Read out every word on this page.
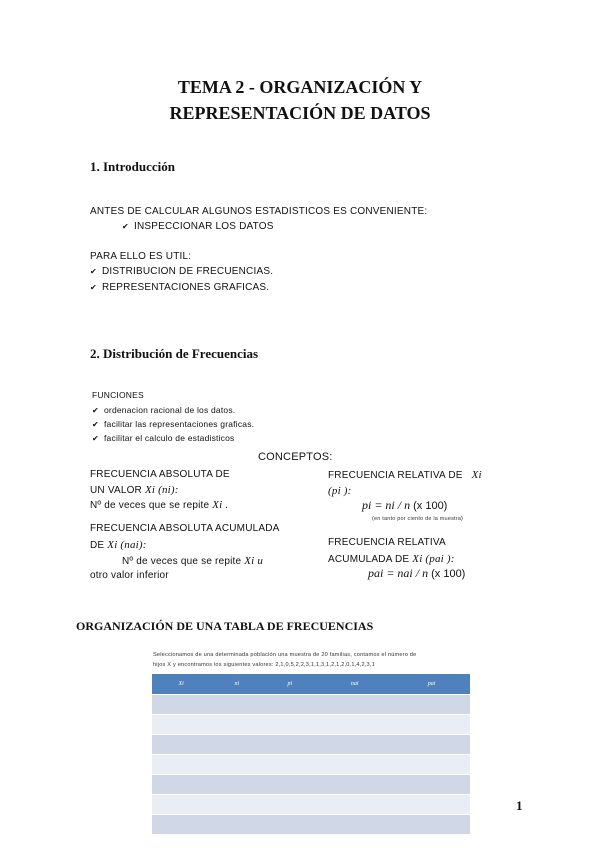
TEMA 2 - ORGANIZACIÓN Y
REPRESENTACIÓN DE DATOS
1. Introducción
ANTES DE CALCULAR ALGUNOS ESTADISTICOS ES CONVENIENTE:
✔ INSPECCIONAR LOS DATOS
PARA ELLO ES UTIL:
✔ DISTRIBUCION DE FRECUENCIAS.
✔ REPRESENTACIONES GRAFICAS.
2. Distribución de Frecuencias
FUNCIONES
✔ ordenacion racional de los datos.
✔ facilitar las representaciones graficas.
✔ facilitar el calculo de estadisticos
CONCEPTOS:
FRECUENCIA ABSOLUTA DE
UN VALOR Xi (ni):
Nº de veces que se repite Xi .
FRECUENCIA ABSOLUTA ACUMULADA
DE Xi (nai):
Nº de veces que se repite Xi u
otro valor inferior
FRECUENCIA RELATIVA DE Xi
(pi ):
pi = ni / n (x 100)
(en tanto por ciento de la muestra)
FRECUENCIA RELATIVA
ACUMULADA DE Xi (pai ):
pai = nai / n (x 100)
ORGANIZACIÓN DE UNA TABLA DE FRECUENCIAS
Seleccionamos de una determinada población una muestra de 20 familias, contamos el número de
hijos X y encontramos los siguientes valores: 2,1,0,5,2,2,3,1,1,3,1,2,1,2,0,1,4,2,3,1
Xi	ni	pi	nai	pai

1
